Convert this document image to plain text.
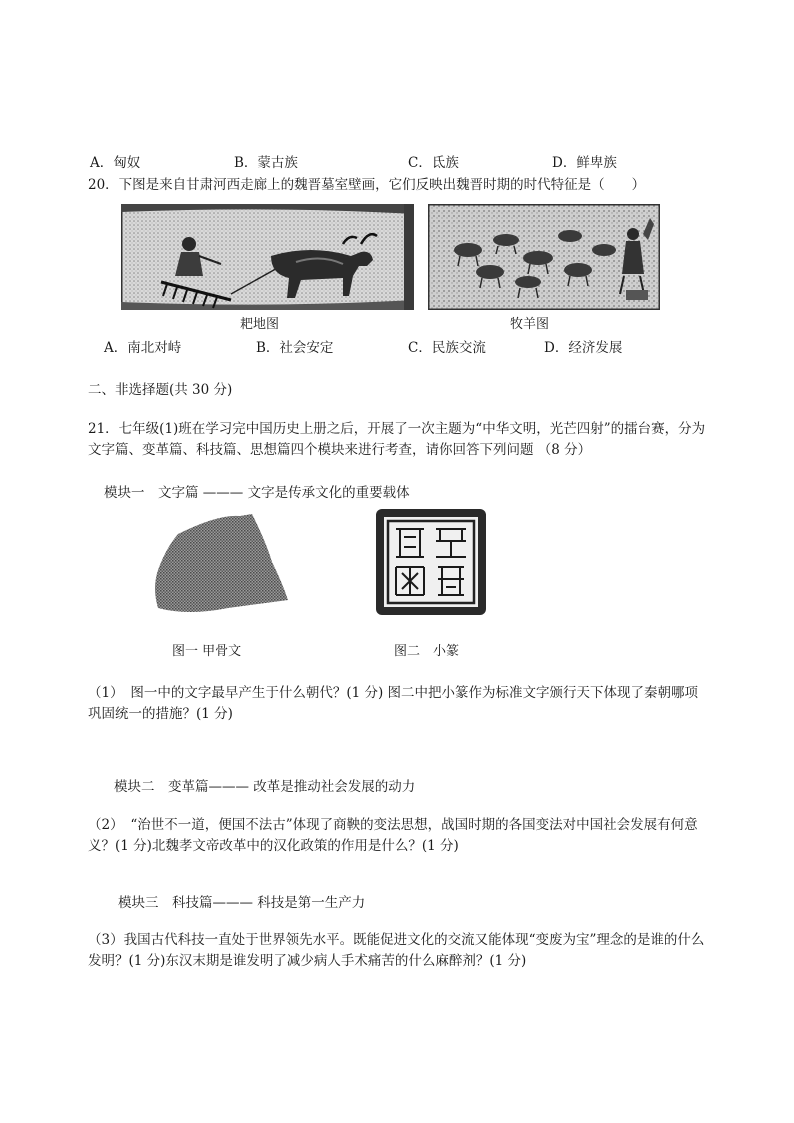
A．匈奴	B．蒙古族	C．氐族	D．鲜卑族
20．下图是来自甘肃河西走廊上的魏晋墓室壁画，它们反映出魏晋时期的时代特征是（　　）
耙地图	牧羊图
A．南北对峙	B．社会安定	C．民族交流	D．经济发展
二、非选择题(共 30 分)

21．七年级(1)班在学习完中国历史上册之后，开展了一次主题为“中华文明，光芒四射”的擂台赛，分为文字篇、变革篇、科技篇、思想篇四个模块来进行考查，请你回答下列问题 （8 分）

模块一　文字篇 ——— 文字是传承文化的重要载体
图一 甲骨文	图二　小篆

（1）　图一中的文字最早产生于什么朝代？(1 分) 图二中把小篆作为标准文字颁行天下体现了秦朝哪项巩固统一的措施？(1 分)

模块二　变革篇——— 改革是推动社会发展的动力

（2）　“治世不一道，便国不法古”体现了商鞅的变法思想，战国时期的各国变法对中国社会发展有何意义？(1 分)北魏孝文帝改革中的汉化政策的作用是什么？(1 分)

模块三　科技篇——— 科技是第一生产力

（3）我国古代科技一直处于世界领先水平。既能促进文化的交流又能体现“变废为宝”理念的是谁的什么发明？(1 分)东汉末期是谁发明了减少病人手术痛苦的什么麻醉剂？(1 分)
